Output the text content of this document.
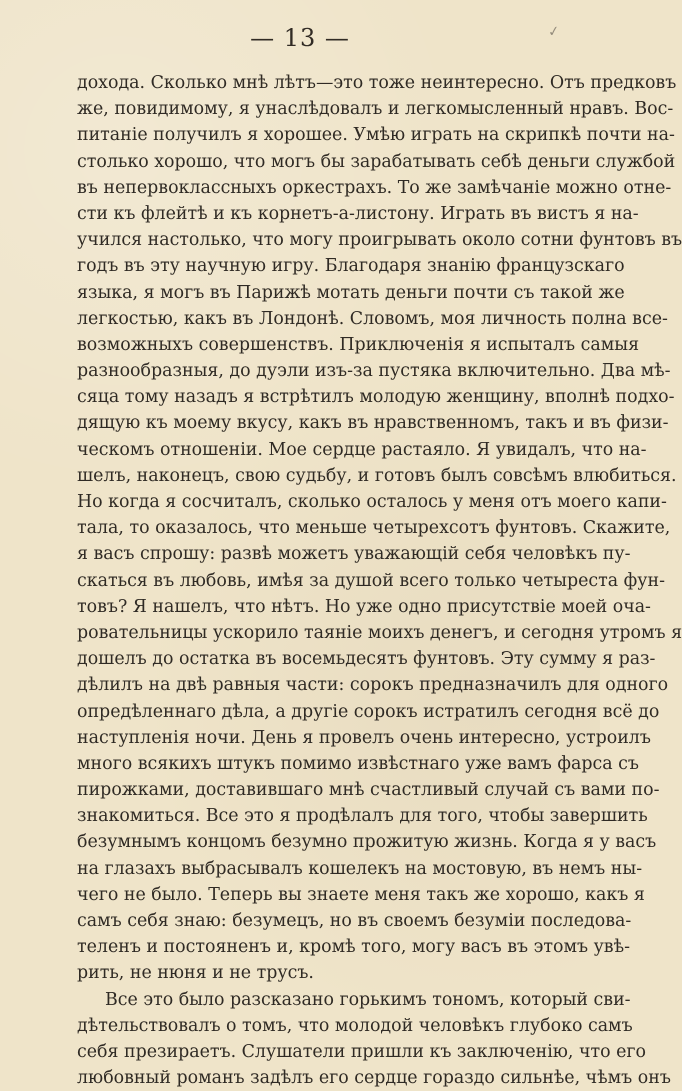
✓
— 13 —
дохода. Сколько мнѣ лѣтъ—это тоже неинтересно. Отъ предковъ
же, повидимому, я унаслѣдовалъ и легкомысленный нравъ. Вос-
питаніе получилъ я хорошее. Умѣю играть на скрипкѣ почти на-
столько хорошо, что могъ бы зарабатывать себѣ деньги службой
въ непервоклассныхъ оркестрахъ. То же замѣчаніе можно отне-
сти къ флейтѣ и къ корнетъ-а-листону. Играть въ вистъ я на-
учился настолько, что могу проигрывать около сотни фунтовъ въ
годъ въ эту научную игру. Благодаря знанію французскаго
языка, я могъ въ Парижѣ мотать деньги почти съ такой же
легкостью, какъ въ Лондонѣ. Словомъ, моя личность полна все-
возможныхъ совершенствъ. Приключенія я испыталъ самыя
разнообразныя, до дуэли изъ-за пустяка включительно. Два мѣ-
сяца тому назадъ я встрѣтилъ молодую женщину, вполнѣ подхо-
дящую къ моему вкусу, какъ въ нравственномъ, такъ и въ физи-
ческомъ отношеніи. Мое сердце растаяло. Я увидалъ, что на-
шелъ, наконецъ, свою судьбу, и готовъ былъ совсѣмъ влюбиться.
Но когда я сосчиталъ, сколько осталось у меня отъ моего капи-
тала, то оказалось, что меньше четырехсотъ фунтовъ. Скажите,
я васъ спрошу: развѣ можетъ уважающій себя человѣкъ пу-
скаться въ любовь, имѣя за душой всего только четыреста фун-
товъ? Я нашелъ, что нѣтъ. Но уже одно присутствіе моей оча-
ровательницы ускорило таяніе моихъ денегъ, и сегодня утромъ я
дошелъ до остатка въ восемьдесятъ фунтовъ. Эту сумму я раз-
дѣлилъ на двѣ равныя части: сорокъ предназначилъ для одного
опредѣленнаго дѣла, а другіе сорокъ истратилъ сегодня всё до
наступленія ночи. День я провелъ очень интересно, устроилъ
много всякихъ штукъ помимо извѣстнаго уже вамъ фарса съ
пирожками, доставившаго мнѣ счастливый случай съ вами по-
знакомиться. Все это я продѣлалъ для того, чтобы завершить
безумнымъ концомъ безумно прожитую жизнь. Когда я у васъ
на глазахъ выбрасывалъ кошелекъ на мостовую, въ немъ ны-
чего не было. Теперь вы знаете меня такъ же хорошо, какъ я
самъ себя знаю: безумецъ, но въ своемъ безуміи последова-
теленъ и постояненъ и, кромѣ того, могу васъ въ этомъ увѣ-
рить, не нюня и не трусъ.
Все это было разсказано горькимъ тономъ, который сви-
дѣтельствовалъ о томъ, что молодой человѣкъ глубоко самъ
себя презираетъ. Слушатели пришли къ заключенію, что его
любовный романъ задѣлъ его сердце гораздо сильнѣе, чѣмъ онъ
